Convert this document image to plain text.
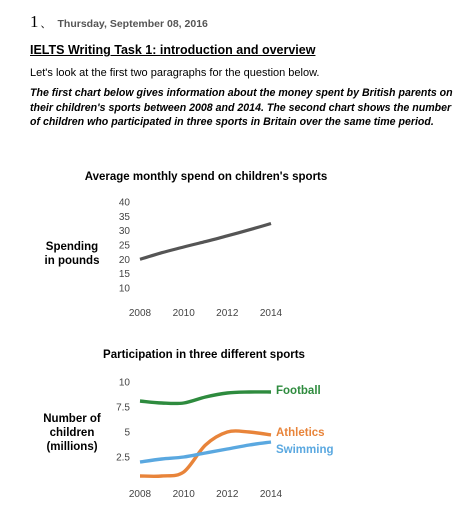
1 、 Thursday, September 08, 2016
IELTS Writing Task 1: introduction and overview
Let's look at the first two paragraphs for the question below.
The first chart below gives information about the money spent by British parents on their children's sports between 2008 and 2014. The second chart shows the number of children who participated in three sports in Britain over the same time period.
Average monthly spend on children's sports
Spending
in pounds
40
35
30
25
20
15
10
2008 2010 2012 2014
Participation in three different sports
Number of
children
(millions)
10
7.5
5
2.5
2008 2010 2012 2014
Football
Athletics
Swimming
